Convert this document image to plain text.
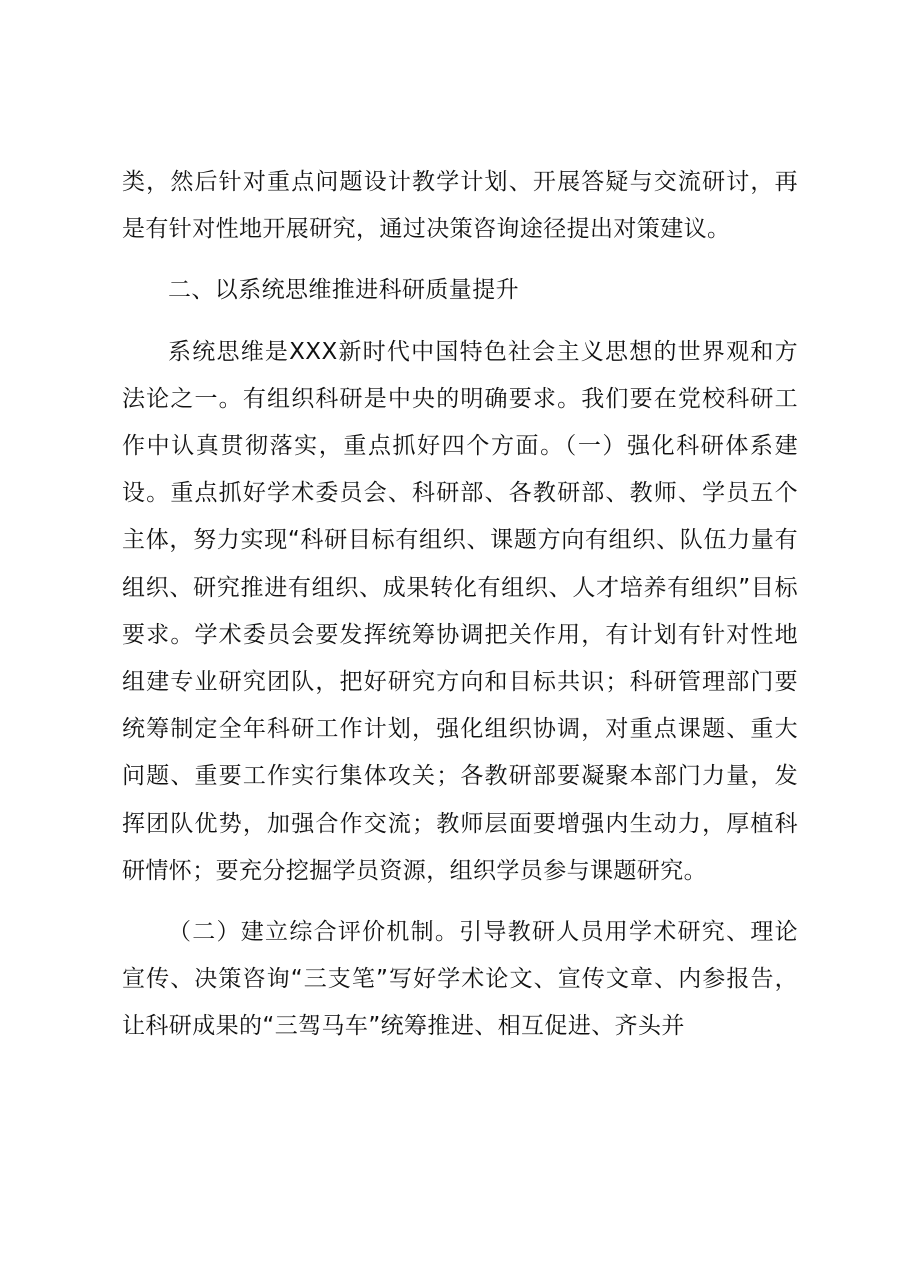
类，然后针对重点问题设计教学计划、开展答疑与交流研讨，再是有针对性地开展研究，通过决策咨询途径提出对策建议。

二、以系统思维推进科研质量提升

系统思维是XXX新时代中国特色社会主义思想的世界观和方法论之一。有组织科研是中央的明确要求。我们要在党校科研工作中认真贯彻落实，重点抓好四个方面。（一）强化科研体系建设。重点抓好学术委员会、科研部、各教研部、教师、学员五个主体，努力实现“科研目标有组织、课题方向有组织、队伍力量有组织、研究推进有组织、成果转化有组织、人才培养有组织”目标要求。学术委员会要发挥统筹协调把关作用，有计划有针对性地组建专业研究团队，把好研究方向和目标共识；科研管理部门要统筹制定全年科研工作计划，强化组织协调，对重点课题、重大问题、重要工作实行集体攻关；各教研部要凝聚本部门力量，发挥团队优势，加强合作交流；教师层面要增强内生动力，厚植科研情怀；要充分挖掘学员资源，组织学员参与课题研究。

（二）建立综合评价机制。引导教研人员用学术研究、理论宣传、决策咨询“三支笔”写好学术论文、宣传文章、内参报告，让科研成果的“三驾马车”统筹推进、相互促进、齐头并
